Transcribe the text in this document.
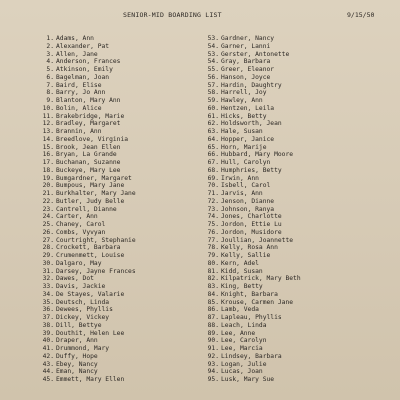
SENIOR-MID BOARDING LIST	9/15/50
1. Adams, Ann
2. Alexander, Pat
3. Allen, Jane
4. Anderson, Frances
5. Atkinson, Emily
6. Bagelman, Joan
7. Baird, Elise
8. Barry, Jo Ann
9. Blanton, Mary Ann
10. Bolin, Alice
11. Brakebridge, Marie
12. Bradley, Margaret
13. Brannin, Ann
14. Breedlove, Virginia
15. Brook, Jean Ellen
16. Bryan, La Grande
17. Buchanan, Suzanne
18. Buckeye, Mary Lee
19. Bumgardner, Margaret
20. Bumpous, Mary Jane
21. Burkhalter, Mary Jane
22. Butler, Judy Belle
23. Cantrell, Dianne
24. Carter, Ann
25. Chaney, Carol
26. Combs, Vyvyan
27. Courtright, Stephanie
28. Crockett, Barbara
29. Crumenmett, Louise
30. Dalgaro, May
31. Darsey, Jayne Frances
32. Dawes, Dot
33. Davis, Jackie
34. De Stayes, Valarie
35. Deutsch, Linda
36. Dewees, Phyllis
37. Dickey, Vickey
38. Dill, Bettye
39. Douthit, Helen Lee
40. Draper, Ann
41. Drummond, Mary
42. Duffy, Hope
43. Ebey, Nancy
44. Eman, Nancy
45. Emmett, Mary Ellen
53. Gardner, Nancy
54. Garner, Lanni
53. Gerster, Antonette
54. Gray, Barbara
55. Greer, Eleanor
56. Hanson, Joyce
57. Hardin, Daughtry
58. Harrell, Joy
59. Hawley, Ann
60. Hentzen, Leila
61. Hicks, Betty
62. Holdsworth, Jean
63. Hale, Susan
64. Hopper, Janice
65. Horn, Marije
66. Hubbard, Mary Moore
67. Hull, Carolyn
68. Humphries, Betty
69. Irwin, Ann
70. Isbell, Carol
71. Jarvis, Ann
72. Jenson, Dianne
73. Johnson, Ranya
74. Jones, Charlotte
75. Jordon, Ettie Lu
76. Jordon, Musidore
77. Joullian, Joannette
78. Kelly, Rosa Ann
79. Kelly, Sallie
80. Kern, Adel
81. Kidd, Susan
82. Kilpatrick, Mary Beth
83. King, Betty
84. Knight, Barbara
85. Krouse, Carmen Jane
86. Lamb, Veda
87. Lapleau, Phyllis
88. Leach, Linda
89. Lee, Anne
90. Lee, Carolyn
91. Lee, Marcia
92. Lindsey, Barbara
93. Logan, Julie
94. Lucas, Joan
95. Lusk, Mary Sue
